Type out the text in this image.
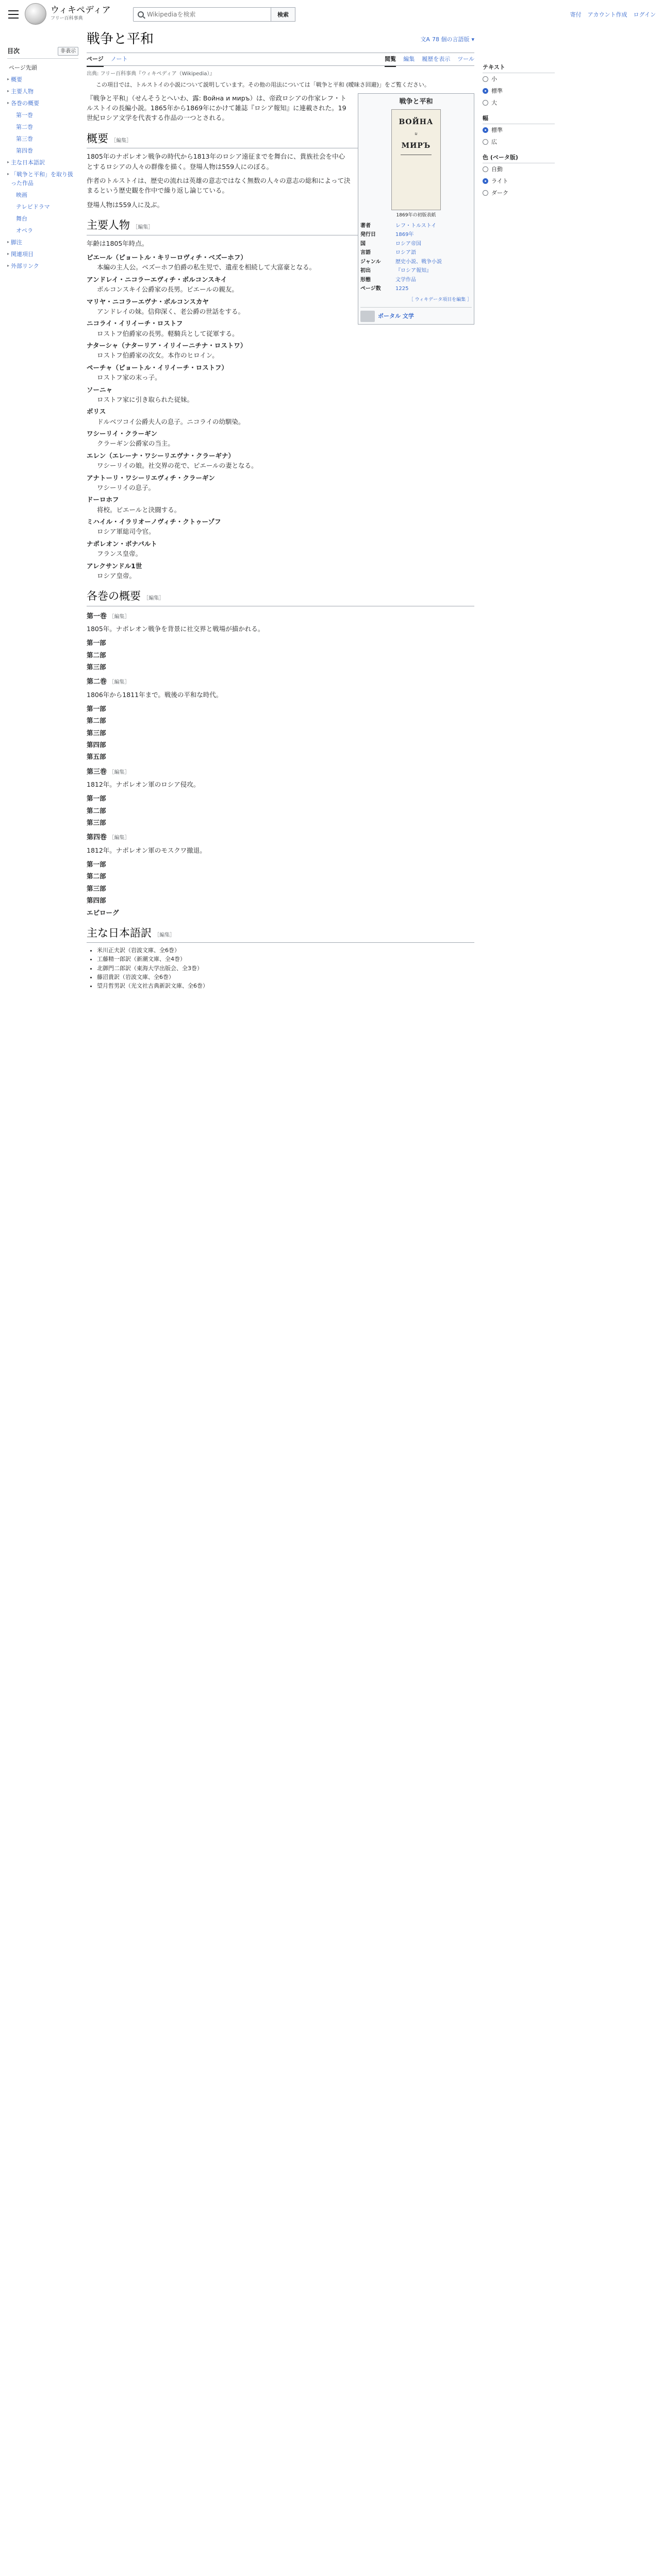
ウィキペディア
フリー百科事典
Wikipediaを検索
検索	寄付 アカウント作成 ログイン
戦争と平和	文A 78 個の言語版 ▾
ページ ノート	閲覧 編集 履歴を表示 ツール
目次	非表示
ページ先頭
▸ 概要
▸ 主要人物
▸ 各巻の概要
第一巻
第二巻
第三巻
第四巻
▸ 主な日本語訳
▸ 「戦争と平和」を取り扱った作品
映画
テレビドラマ
舞台
オペラ
▸ 脚注
▸ 関連項目
▸ 外部リンク
テキスト
小
標準
大
幅
標準
広
色 (ベータ版)
自動
ライト
ダーク
出典: フリー百科事典『ウィキペディア（Wikipedia）』
この項目では、トルストイの小説について説明しています。その他の用法については「戦争と平和 (曖昧さ回避)」をご覧ください。
戦争と平和
ВОЙНА
и
МИРЪ
1869年の初版表紙
著者	レフ・トルストイ
発行日	1869年
国	ロシア帝国
言語	ロシア語
ジャンル	歴史小説、戦争小説
初出	『ロシア報知』
形態	文学作品
ページ数	1225
［ ウィキデータ項目を編集 ］
ポータル 文学

『戦争と平和』（せんそうとへいわ、露: Война и миръ）は、帝政ロシアの作家レフ・トルストイの長編小説。1865年から1869年にかけて雑誌『ロシア報知』に連載された。19世紀ロシア文学を代表する作品の一つとされる。

概要 ［編集］

1805年のナポレオン戦争の時代から1813年のロシア遠征までを舞台に、貴族社会を中心とするロシアの人々の群像を描く。登場人物は559人にのぼる。

作者のトルストイは、歴史の流れは英雄の意志ではなく無数の人々の意志の総和によって決まるという歴史観を作中で繰り返し論じている。

登場人物は559人に及ぶ。

主要人物 ［編集］

年齢は1805年時点。

ピエール（ピョートル・キリーロヴィチ・ベズーホフ）
本編の主人公。ベズーホフ伯爵の私生児で、遺産を相続して大富豪となる。
アンドレイ・ニコラーエヴィチ・ボルコンスキイ
ボルコンスキイ公爵家の長男。ピエールの親友。
マリヤ・ニコラーエヴナ・ボルコンスカヤ
アンドレイの妹。信仰深く、老公爵の世話をする。
ニコライ・イリイーチ・ロストフ
ロストフ伯爵家の長男。軽騎兵として従軍する。
ナターシャ（ナターリア・イリイーニチナ・ロストワ）
ロストフ伯爵家の次女。本作のヒロイン。
ペーチャ（ピョートル・イリイーチ・ロストフ）
ロストフ家の末っ子。
ソーニャ
ロストフ家に引き取られた従妹。
ボリス
ドルベツコイ公爵夫人の息子。ニコライの幼馴染。
ワシーリイ・クラーギン
クラーギン公爵家の当主。
エレン（エレーナ・ワシーリエヴナ・クラーギナ）
ワシーリイの娘。社交界の花で、ピエールの妻となる。
アナトーリ・ワシーリエヴィチ・クラーギン
ワシーリイの息子。
ドーロホフ
将校。ピエールと決闘する。
ミハイル・イラリオーノヴィチ・クトゥーゾフ
ロシア軍総司令官。
ナポレオン・ボナパルト
フランス皇帝。
アレクサンドル1世
ロシア皇帝。
各巻の概要 ［編集］
第一巻 ［編集］

1805年。ナポレオン戦争を背景に社交界と戦場が描かれる。

第一部
第二部
第三部
第二巻 ［編集］

1806年から1811年まで。戦後の平和な時代。

第一部
第二部
第三部
第四部
第五部
第三巻 ［編集］

1812年。ナポレオン軍のロシア侵攻。

第一部
第二部
第三部
第四巻 ［編集］

1812年。ナポレオン軍のモスクワ撤退。

第一部
第二部
第三部
第四部
エピローグ
主な日本語訳 ［編集］
• 米川正夫訳（岩波文庫、全6巻）
• 工藤精一郎訳（新潮文庫、全4巻）
• 北御門二郎訳（東海大学出版会、全3巻）
• 藤沼貴訳（岩波文庫、全6巻）
• 望月哲男訳（光文社古典新訳文庫、全6巻）
